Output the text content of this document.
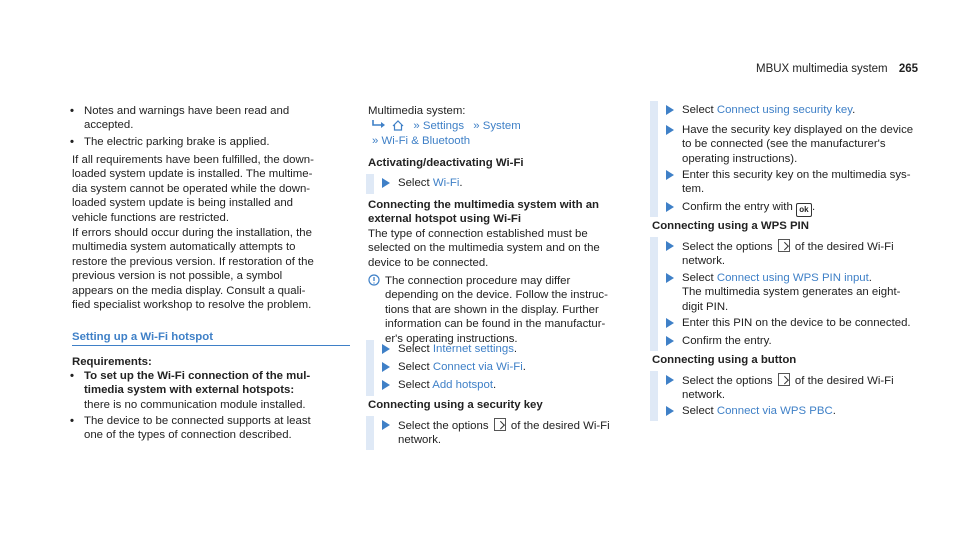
MBUX multimedia system 265
• Notes and warnings have been read and

accepted.

• The electric parking brake is applied.

If all requirements have been fulfilled, the down-

loaded system update is installed. The multime-

dia system cannot be operated while the down-

loaded system update is being installed and

vehicle functions are restricted.

If errors should occur during the installation, the

multimedia system automatically attempts to

restore the previous version. If restoration of the

previous version is not possible, a symbol

appears on the media display. Consult a quali-

fied specialist workshop to resolve the problem.

Setting up a Wi-Fi hotspot
Requirements:
• To set up the Wi-Fi connection of the mul-

timedia system with external hotspots:

there is no communication module installed.

• The device to be connected supports at least

one of the types of connection described.

Multimedia system:
» Settings » System
» Wi-Fi & Bluetooth
Activating/deactivating Wi-Fi
Select Wi-Fi.

Connecting the multimedia system with an

external hotspot using Wi-Fi

The type of connection established must be

selected on the multimedia system and on the

device to be connected.

The connection procedure may differ

depending on the device. Follow the instruc-

tions that are shown in the display. Further

information can be found in the manufactur-

er's operating instructions.

Select Internet settings.
Select Connect via Wi-Fi.
Select Add hotspot.
Connecting using a security key

Select the options of the desired Wi-Fi

network.

Select Connect using security key.

Have the security key displayed on the device

to be connected (see the manufacturer's

operating instructions).

Enter this security key on the multimedia sys-

tem.

Confirm the entry with ok .
Connecting using a WPS PIN

Select the options of the desired Wi-Fi

network.

Select Connect using WPS PIN input.

The multimedia system generates an eight-

digit PIN.

Enter this PIN on the device to be connected.
Confirm the entry.
Connecting using a button

Select the options of the desired Wi-Fi

network.

Select Connect via WPS PBC.
